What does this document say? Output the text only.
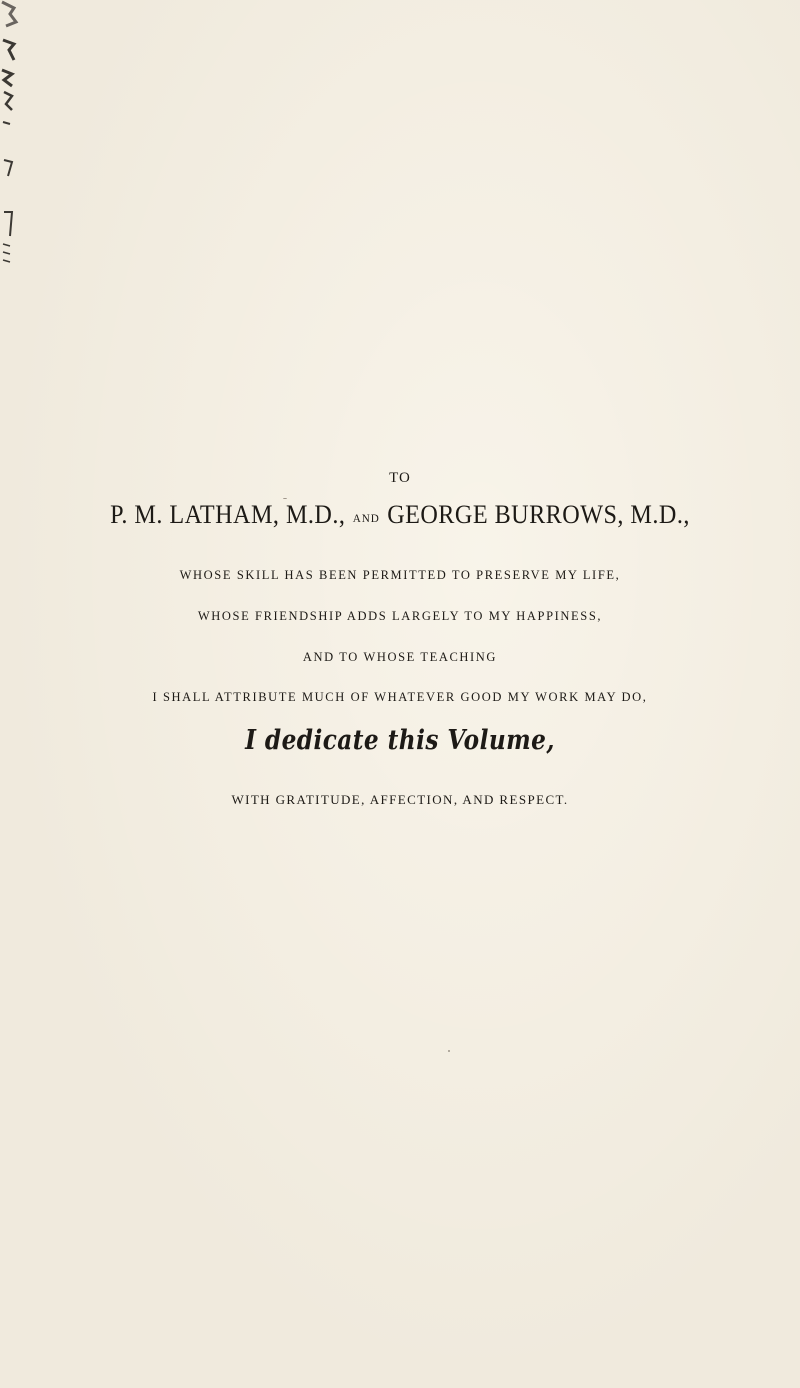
TO
P. M. LATHAM, M.D., AND GEORGE BURROWS, M.D.,
WHOSE SKILL HAS BEEN PERMITTED TO PRESERVE MY LIFE,
WHOSE FRIENDSHIP ADDS LARGELY TO MY HAPPINESS,
AND TO WHOSE TEACHING
I SHALL ATTRIBUTE MUCH OF WHATEVER GOOD MY WORK MAY DO,
I dedicate this Volume,
WITH GRATITUDE, AFFECTION, AND RESPECT.
